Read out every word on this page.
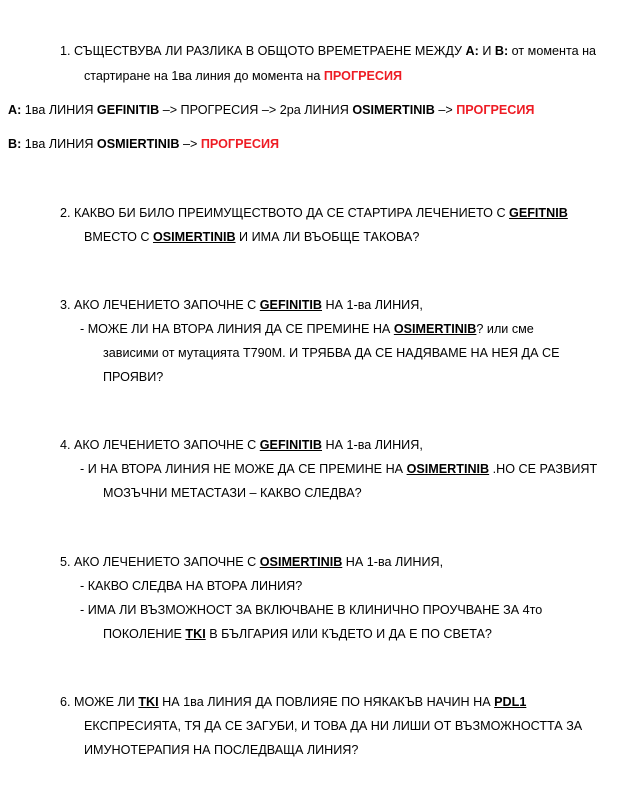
1. СЪЩЕСТВУВА ЛИ РАЗЛИКА В ОБЩОТО ВРЕМЕТРАЕНЕ МЕЖДУ A: И B: от момента на
стартиране на 1ва линия до момента на ПРОГРЕСИЯ
A: 1ва ЛИНИЯ GEFINITIB –> ПРОГРЕСИЯ –> 2ра ЛИНИЯ OSIMERTINIB –> ПРОГРЕСИЯ
B: 1ва ЛИНИЯ OSMIERTINIB –> ПРОГРЕСИЯ
2. КАКВО БИ БИЛО ПРЕИМУЩЕСТВОТО ДА СЕ СТАРТИРА ЛЕЧЕНИЕТО С GEFITNIB
ВМЕСТО С OSIMERTINIB И ИМА ЛИ ВЪОБЩЕ ТАКОВА?
3. АКО ЛЕЧЕНИЕТО ЗАПОЧНЕ С GEFINITIB НА 1-ва ЛИНИЯ,
- МОЖЕ ЛИ НА ВТОРА ЛИНИЯ ДА СЕ ПРЕМИНЕ НА OSIMERTINIB? или сме
зависими от мутацията Т790М. И ТРЯБВА ДА СЕ НАДЯВАМЕ НА НЕЯ ДА СЕ
ПРОЯВИ?
4. АКО ЛЕЧЕНИЕТО ЗАПОЧНЕ С GEFINITIB НА 1-ва ЛИНИЯ,
- И НА ВТОРА ЛИНИЯ НЕ МОЖЕ ДА СЕ ПРЕМИНЕ НА OSIMERTINIB .НО СЕ РАЗВИЯТ
МОЗЪЧНИ МЕТАСТАЗИ – КАКВО СЛЕДВА?
5. АКО ЛЕЧЕНИЕТО ЗАПОЧНЕ С OSIMERTINIB НА 1-ва ЛИНИЯ,
- КАКВО СЛЕДВА НА ВТОРА ЛИНИЯ?
- ИМА ЛИ ВЪЗМОЖНОСТ ЗА ВКЛЮЧВАНЕ В КЛИНИЧНО ПРОУЧВАНЕ ЗА 4то
ПОКОЛЕНИЕ TKI В БЪЛГАРИЯ ИЛИ КЪДЕТО И ДА Е ПО СВЕТА?
6. МОЖЕ ЛИ TKI НА 1ва ЛИНИЯ ДА ПОВЛИЯЕ ПО НЯКАКЪВ НАЧИН НА PDL1
ЕКСПРЕСИЯТА, ТЯ ДА СЕ ЗАГУБИ, И ТОВА ДА НИ ЛИШИ ОТ ВЪЗМОЖНОСТТА ЗА
ИМУНОТЕРАПИЯ НА ПОСЛЕДВАЩА ЛИНИЯ?
